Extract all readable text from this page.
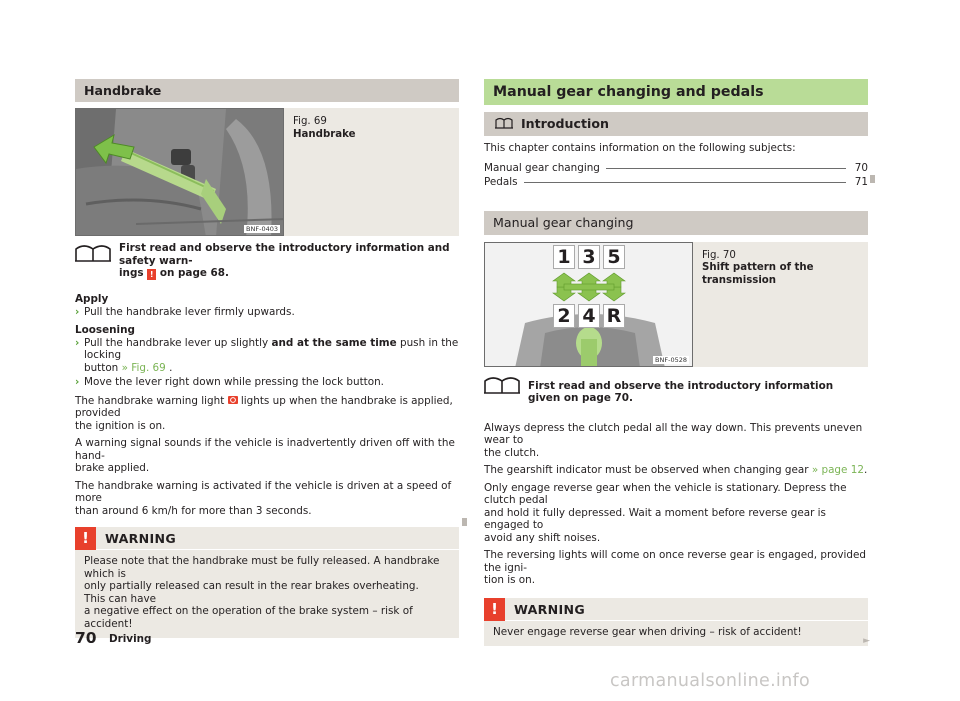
Handbrake
BNF-0403
Fig. 69
Handbrake
First read and observe the introductory information and safety warn-
ings ! on page 68.

Apply

› Pull the handbrake lever firmly upwards.

Loosening

› Pull the handbrake lever up slightly and at the same time push in the locking
button » Fig. 69 .
› Move the lever right down while pressing the lock button.

The handbrake warning light lights up when the handbrake is applied, provided
the ignition is on.

A warning signal sounds if the vehicle is inadvertently driven off with the hand-
brake applied.

The handbrake warning is activated if the vehicle is driven at a speed of more
than around 6 km/h for more than 3 seconds.

!	WARNING
Please note that the handbrake must be fully released. A handbrake which is
only partially released can result in the rear brakes overheating. This can have
a negative effect on the operation of the brake system – risk of accident!
Manual gear changing and pedals
Introduction

This chapter contains information on the following subjects:

Manual gear changing	70
Pedals	71
Manual gear changing
1 3 5
2 4 R
BNF-0528
Fig. 70
Shift pattern of the transmission
First read and observe the introductory information given on page 70.

Always depress the clutch pedal all the way down. This prevents uneven wear to
the clutch.

The gearshift indicator must be observed when changing gear » page 12.

Only engage reverse gear when the vehicle is stationary. Depress the clutch pedal
and hold it fully depressed. Wait a moment before reverse gear is engaged to
avoid any shift noises.

The reversing lights will come on once reverse gear is engaged, provided the igni-
tion is on.

!	WARNING
Never engage reverse gear when driving – risk of accident!
►
70 Driving
carmanualsonline.info
